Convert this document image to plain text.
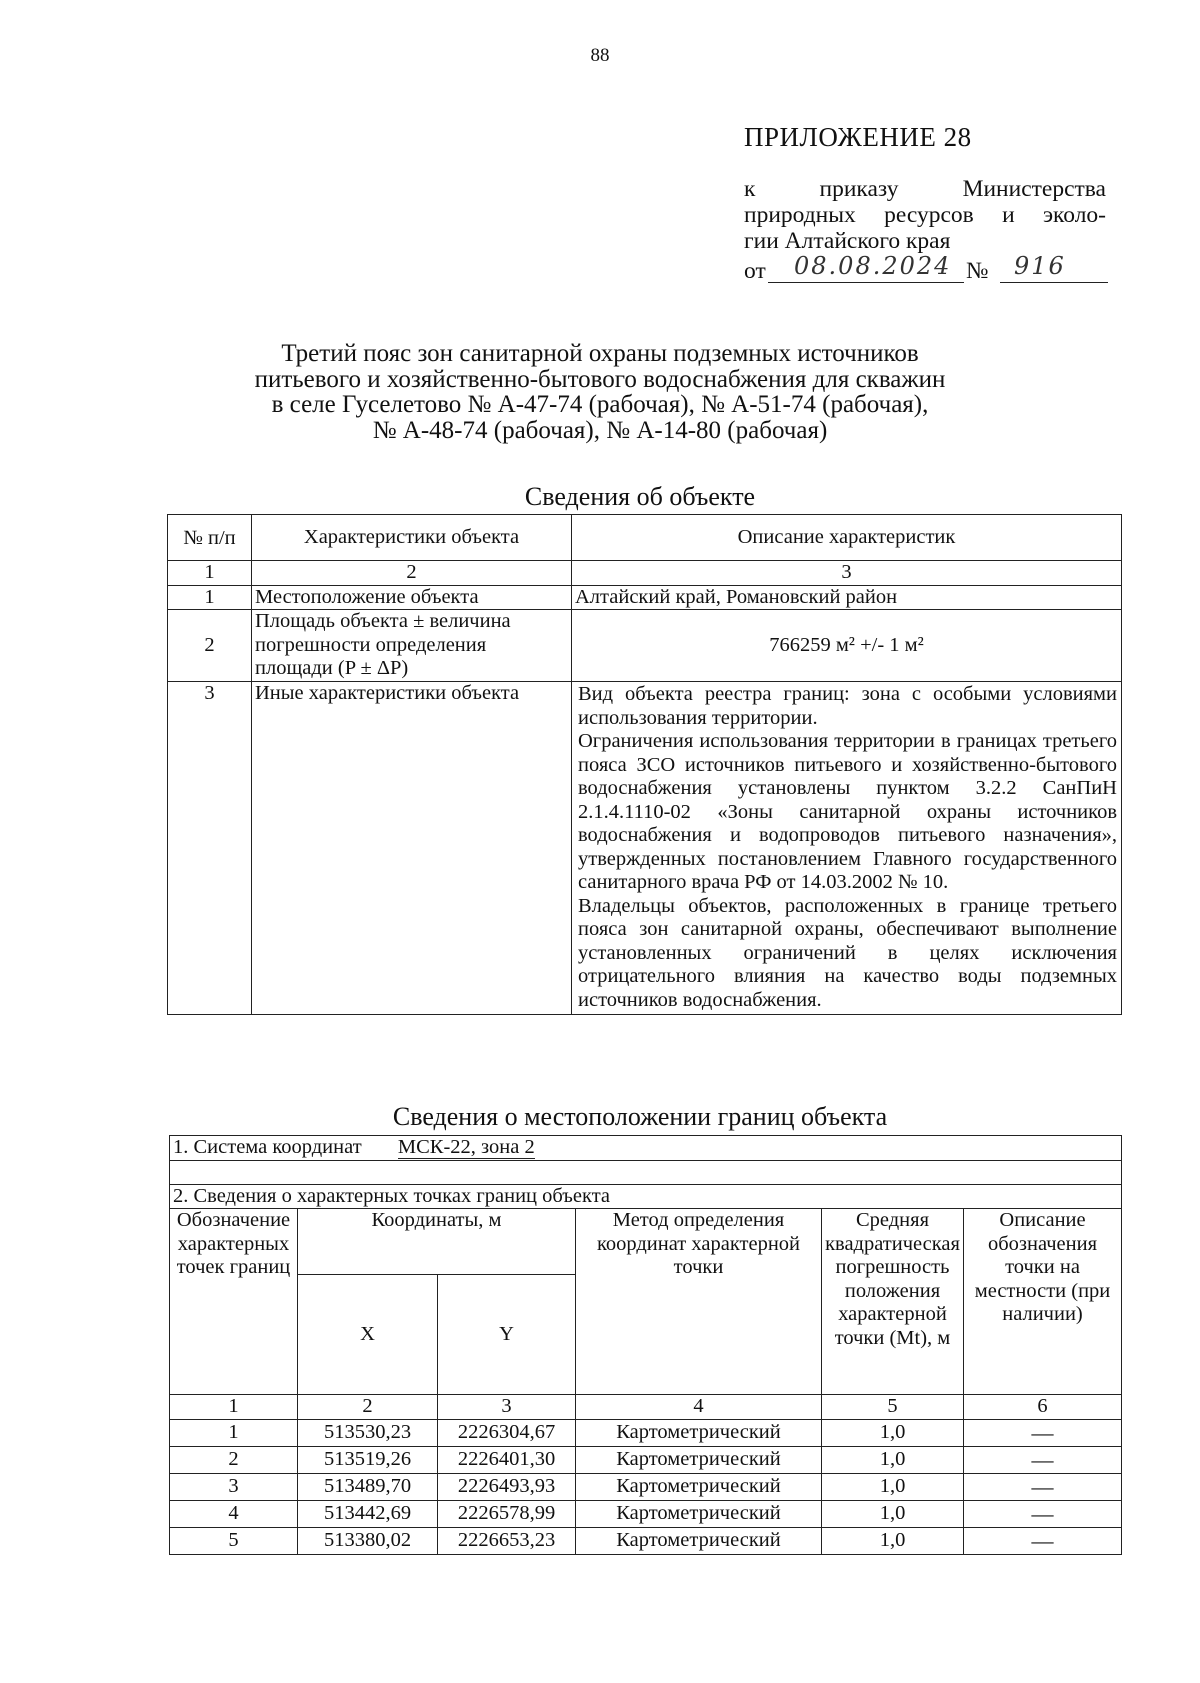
88
ПРИЛОЖЕНИЕ 28
к приказу Министерства
природных ресурсов и эколо-
гии Алтайского края
от 08.08.2024 № 916
Третий пояс зон санитарной охраны подземных источников
питьевого и хозяйственно-бытового водоснабжения для скважин
в селе Гуселетово № А-47-74 (рабочая), № А-51-74 (рабочая),
№ А-48-74 (рабочая), № А-14-80 (рабочая)
Сведения об объекте
№ п/п	Характеристики объекта	Описание характеристик
1	2	3
1	Местоположение объекта	Алтайский край, Романовский район
2	Площадь объекта ± величина погрешности определения площади (P ± ΔP)	766259 м² +/- 1 м²
3	Иные характеристики объекта	Вид объекта реестра границ: зона с особыми условиями использования территории.
Ограничения использования территории в границах третьего пояса ЗСО источников питьевого и хозяйственно-бытового водоснабжения установлены пунктом 3.2.2 СанПиН 2.1.4.1110-02 «Зоны санитарной охраны источников водоснабжения и водопроводов питьевого назначения», утвержденных постановлением Главного государственного санитарного врача РФ от 14.03.2002 № 10.
Владельцы объектов, расположенных в границе третьего пояса зон санитарной охраны, обеспечивают выполнение установленных ограничений в целях исключения отрицательного влияния на качество воды подземных источников водоснабжения.
Сведения о местоположении границ объекта
1. Система координат МСК-22, зона 2					

2. Сведения о характерных точках границ объекта					
Обозначение характерных точек границ	Координаты, м		Метод определения координат характерной точки	Средняя квадратическая погрешность положения характерной точки (Mt), м	Описание обозначения точки на местности (при наличии)
	X	Y			
1	2	3	4	5	6
1	513530,23	2226304,67	Картометрический	1,0	—
2	513519,26	2226401,30	Картометрический	1,0	—
3	513489,70	2226493,93	Картометрический	1,0	—
4	513442,69	2226578,99	Картометрический	1,0	—
5	513380,02	2226653,23	Картометрический	1,0	—
